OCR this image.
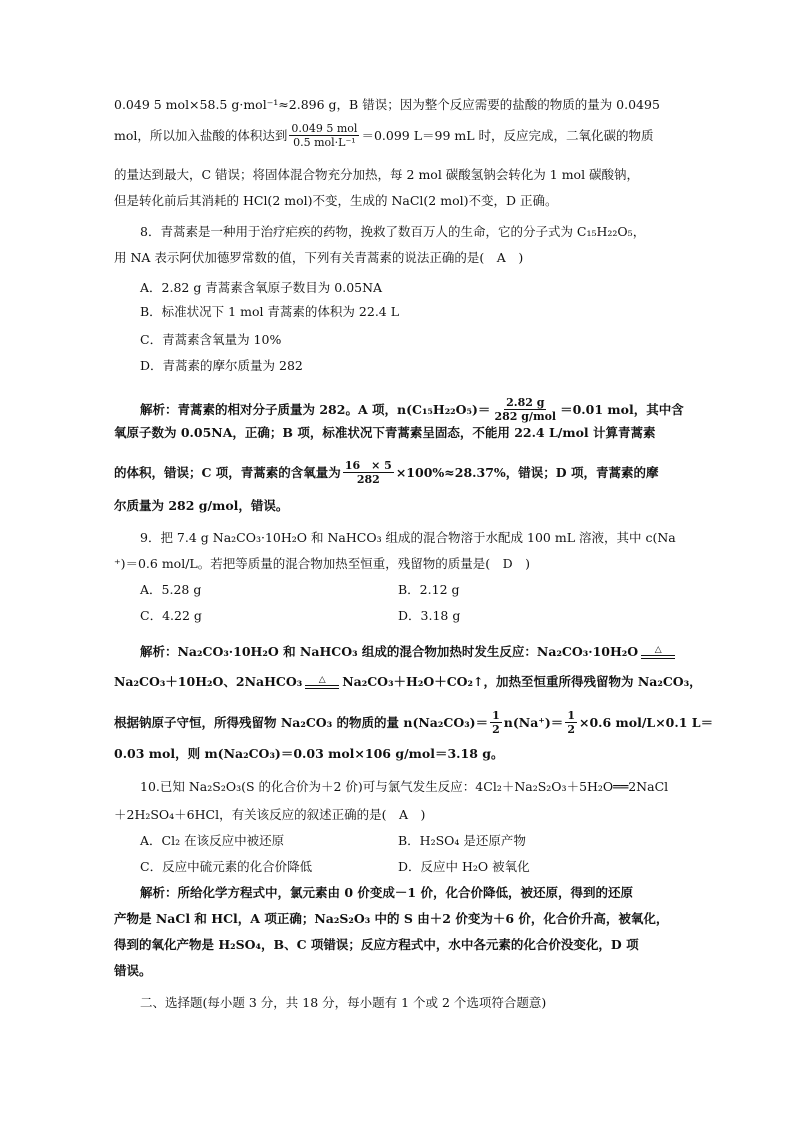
0.049 5 mol×58.5 g·mol⁻¹≈2.896 g，B 错误；因为整个反应需要的盐酸的物质的量为 0.0495
mol，所以加入盐酸的体积达到 $\frac{\text{0.049 5 mol}}{\text{0.5 mol·L⁻¹}} =0.099$ L＝99 mL 时，反应完成，二氧化碳的物质
的量达到最大，C 错误；将固体混合物充分加热，每 2 mol 碳酸氢钠会转化为 1 mol 碳酸钠，
但是转化前后其消耗的 HCl(2 mol)不变，生成的 NaCl(2 mol)不变，D 正确。
8．青蒿素是一种用于治疗疟疾的药物，挽救了数百万人的生命，它的分子式为 C₁₅H₂₂O₅，
用 NA 表示阿伏加德罗常数的值，下列有关青蒿素的说法正确的是(　A　)
A．2.82 g 青蒿素含氧原子数目为 0.05NA
B．标准状况下 1 mol 青蒿素的体积为 22.4 L
C．青蒿素含氧量为 10%
D．青蒿素的摩尔质量为 282
解析：青蒿素的相对分子质量为 282。A 项，$n(C_{15}H_{22}O_5)= \frac{2.82 g}{\text{282 g/mol}} =0.01$ mol，其中含
氧原子数为 0.05NA，正确；B 项，标准状况下青蒿素呈固态，不能用 22.4 L/mol 计算青蒿素
的体积，错误；C 项，青蒿素的含氧量为 $\frac{16 \times 5}{282} \times 100\%\approx 28.37\%$，错误；D 项，青蒿素的摩
尔质量为 282 g/mol，错误。
9．把 7.4 g Na₂CO₃·10H₂O 和 NaHCO₃ 组成的混合物溶于水配成 100 mL 溶液，其中 c(Na
⁺)＝0.6 mol/L。若把等质量的混合物加热至恒重，残留物的质量是(　D　)
解析：Na₂CO₃·10H₂O 和 NaHCO₃ 组成的混合物加热时发生反应：Na₂CO₃·10H₂O △
Na₂CO₃＋10H₂O、2NaHCO₃ △ Na₂CO₃＋H₂O＋CO₂↑，加热至恒重所得残留物为 Na₂CO₃，
根据钠原子守恒，所得残留物 Na₂CO₃ 的物质的量 $n(Na_2CO_3)= \frac{1}{2} n(Na^+)= \frac{1}{2} \times 0.6$ mol/L×0.1 L＝
0.03 mol，则 m(Na₂CO₃)＝0.03 mol×106 g/mol＝3.18 g。
10.已知 Na₂S₂O₃(S 的化合价为＋2 价)可与氯气发生反应：4Cl₂＋Na₂S₂O₃＋5H₂O══2NaCl
＋2H₂SO₄＋6HCl，有关该反应的叙述正确的是(　A　)
解析：所给化学方程式中，氯元素由 0 价变成－1 价，化合价降低，被还原，得到的还原
产物是 NaCl 和 HCl，A 项正确；Na₂S₂O₃ 中的 S 由＋2 价变为＋6 价，化合价升高，被氧化，
得到的氧化产物是 H₂SO₄，B、C 项错误；反应方程式中，水中各元素的化合价没变化，D 项
错误。
二、选择题(每小题 3 分，共 18 分，每小题有 1 个或 2 个选项符合题意)
A．5.28 g	B．2.12 g
C．4.22 g	D．3.18 g
A．Cl₂ 在该反应中被还原	B．H₂SO₄ 是还原产物
C．反应中硫元素的化合价降低	D．反应中 H₂O 被氧化
